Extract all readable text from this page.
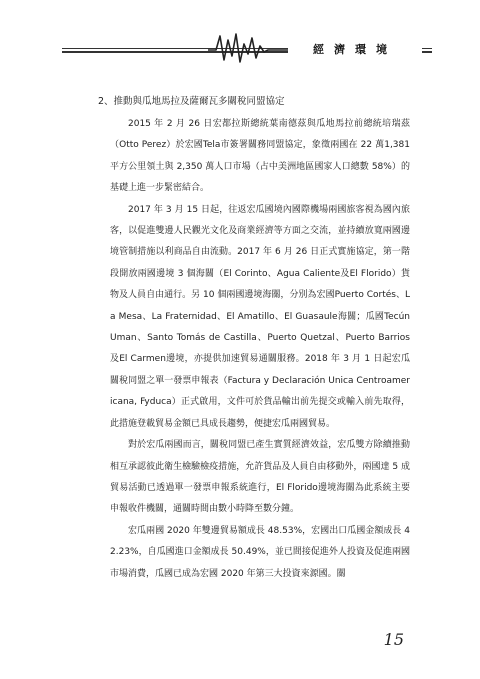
經濟環境

2、推動與瓜地馬拉及薩爾瓦多關稅同盟協定

2015 年 2 月 26 日宏都拉斯總統葉南德茲與瓜地馬拉前總統培瑞茲（Otto Perez）於宏國Tela市簽署關務同盟協定，象徵兩國在 22 萬1,381 平方公里領土與 2,350 萬人口市場（占中美洲地區國家人口總數 58%）的基礎上進一步緊密結合。

2017 年 3 月 15 日起，往返宏瓜國境內國際機場兩國旅客視為國內旅客，以促進雙邊人民觀光文化及商業經濟等方面之交流，並持續放寬兩國邊境管制措施以利商品自由流動。2017 年 6 月 26 日正式實施協定，第一階段開放兩國邊境 3 個海關（El Corinto、Agua Caliente及El Florido）貨物及人員自由通行。另 10 個兩國邊境海關，分別為宏國Puerto Cortés、La Mesa、La Fraternidad、El Amatillo、El Guasaule海關；瓜國Tecún Uman、Santo Tomás de Castilla、Puerto Quetzal、Puerto Barrios 及El Carmen邊境，亦提供加速貿易通關服務。2018 年 3 月 1 日起宏瓜關稅同盟之單一發票申報表（Factura y Declaración Unica Centroamericana, Fyduca）正式啟用，文件可於貨品輸出前先提交或輸入前先取得，此措施登載貿易金額已具成長趨勢，便捷宏瓜兩國貿易。

對於宏瓜兩國而言，關稅同盟已產生實質經濟效益，宏瓜雙方除續推動相互承認彼此衛生檢驗檢疫措施，允許貨品及人員自由移動外，兩國達 5 成貿易活動已透過單一發票申報系統進行，El Florido邊境海關為此系統主要申報收件機關，通關時間由數小時降至數分鐘。

宏瓜兩國 2020 年雙邊貿易額成長 48.53%，宏國出口瓜國金額成長 42.23%，自瓜國進口金額成長 50.49%，並已間接促進外人投資及促進兩國市場消費，瓜國已成為宏國 2020 年第三大投資來源國。關

15
